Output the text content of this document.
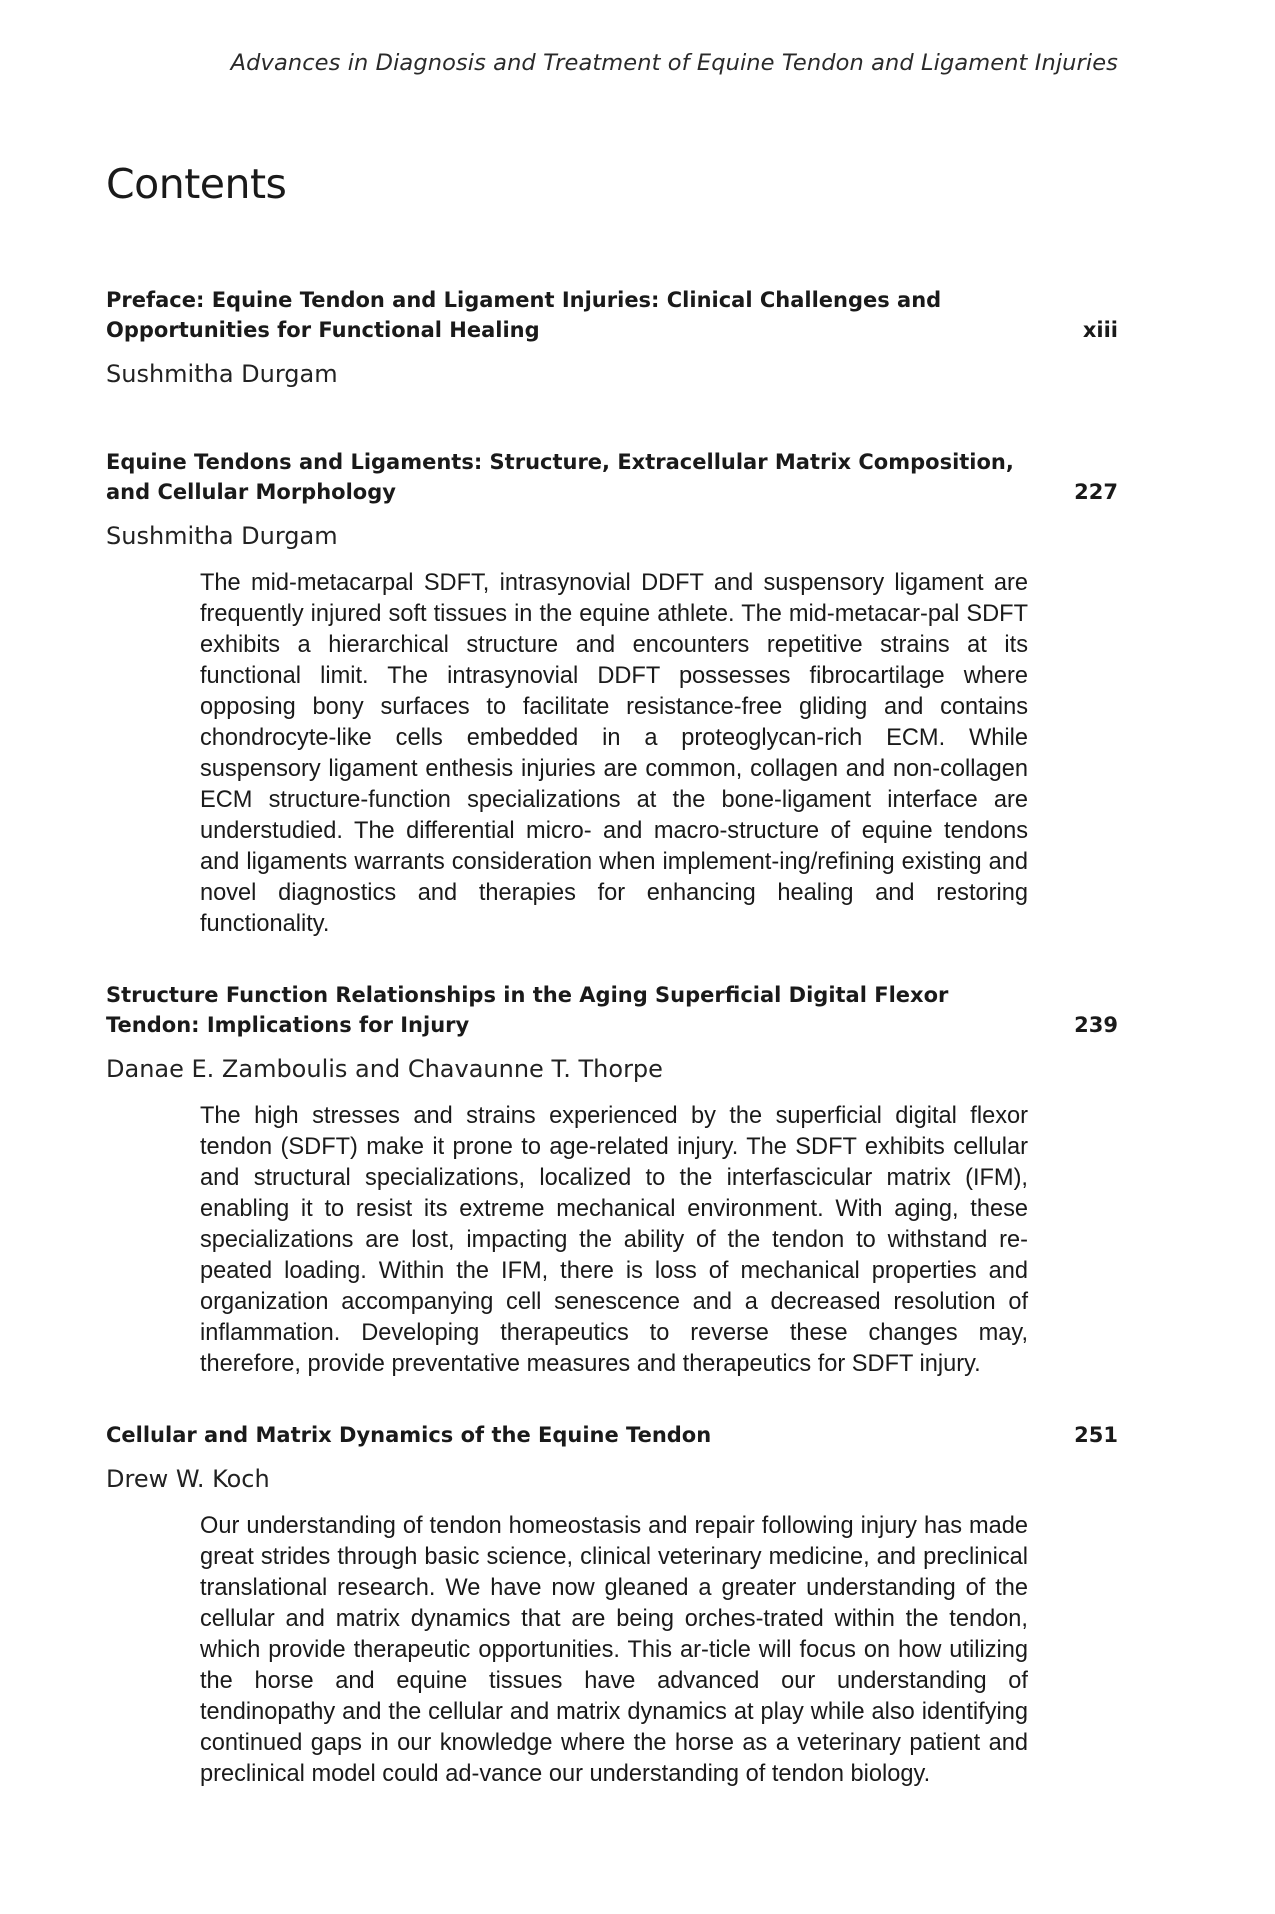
Advances in Diagnosis and Treatment of Equine Tendon and Ligament Injuries
Contents
Preface: Equine Tendon and Ligament Injuries: Clinical Challenges and Opportunities for Functional Healing	xiii
Sushmitha Durgam
Equine Tendons and Ligaments: Structure, Extracellular Matrix Composition, and Cellular Morphology	227
Sushmitha Durgam
The mid-metacarpal SDFT, intrasynovial DDFT and suspensory ligament are frequently injured soft tissues in the equine athlete. The mid-metacar-pal SDFT exhibits a hierarchical structure and encounters repetitive strains at its functional limit. The intrasynovial DDFT possesses fibrocartilage where opposing bony surfaces to facilitate resistance-free gliding and contains chondrocyte-like cells embedded in a proteoglycan-rich ECM. While suspensory ligament enthesis injuries are common, collagen and non-collagen ECM structure-function specializations at the bone-ligament interface are understudied. The differential micro- and macro-structure of equine tendons and ligaments warrants consideration when implement-ing/refining existing and novel diagnostics and therapies for enhancing healing and restoring functionality.
Structure Function Relationships in the Aging Superficial Digital Flexor Tendon: Implications for Injury	239
Danae E. Zamboulis and Chavaunne T. Thorpe
The high stresses and strains experienced by the superficial digital flexor tendon (SDFT) make it prone to age-related injury. The SDFT exhibits cellular and structural specializations, localized to the interfascicular matrix (IFM), enabling it to resist its extreme mechanical environment. With aging, these specializations are lost, impacting the ability of the tendon to withstand re-peated loading. Within the IFM, there is loss of mechanical properties and organization accompanying cell senescence and a decreased resolution of inflammation. Developing therapeutics to reverse these changes may, therefore, provide preventative measures and therapeutics for SDFT injury.
Cellular and Matrix Dynamics of the Equine Tendon	251
Drew W. Koch
Our understanding of tendon homeostasis and repair following injury has made great strides through basic science, clinical veterinary medicine, and preclinical translational research. We have now gleaned a greater understanding of the cellular and matrix dynamics that are being orches-trated within the tendon, which provide therapeutic opportunities. This ar-ticle will focus on how utilizing the horse and equine tissues have advanced our understanding of tendinopathy and the cellular and matrix dynamics at play while also identifying continued gaps in our knowledge where the horse as a veterinary patient and preclinical model could ad-vance our understanding of tendon biology.
